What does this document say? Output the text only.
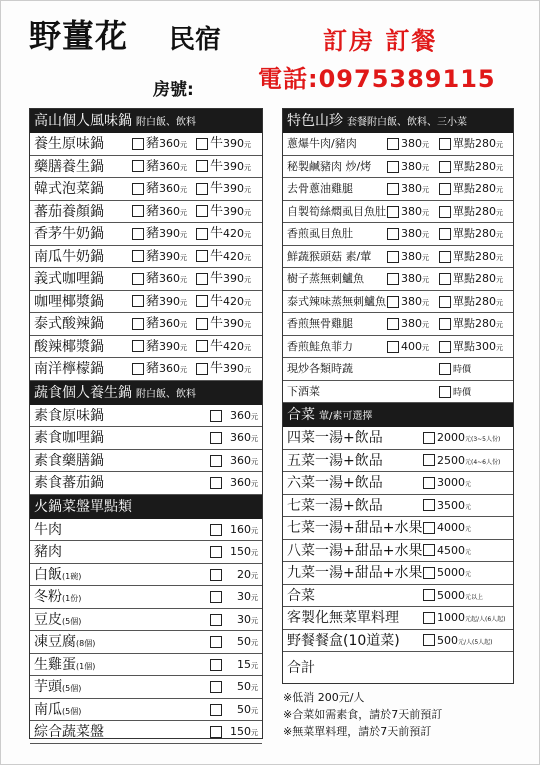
野薑花 民宿
房號:
訂房 訂餐
電話:0975389115
高山個人風味鍋 附白飯、飲料
養生原味鍋	豬360元	牛390元
藥膳養生鍋	豬360元	牛390元
韓式泡菜鍋	豬360元	牛390元
蕃茄養顏鍋	豬360元	牛390元
香茅牛奶鍋	豬390元	牛420元
南瓜牛奶鍋	豬390元	牛420元
義式咖哩鍋	豬360元	牛390元
咖哩椰漿鍋	豬390元	牛420元
泰式酸辣鍋	豬360元	牛390元
酸辣椰漿鍋	豬390元	牛420元
南洋檸檬鍋	豬360元	牛390元
蔬食個人養生鍋 附白飯、飲料
素食原味鍋	360元
素食咖哩鍋	360元
素食藥膳鍋	360元
素食蕃茄鍋	360元
火鍋菜盤單點類
牛肉	160元
豬肉	150元
白飯(1碗)	20元
冬粉(1份)	30元
豆皮(5個)	30元
凍豆腐(8個)	50元
生雞蛋(1個)	15元
芋頭(5個)	50元
南瓜(5個)	50元
綜合蔬菜盤	150元
特色山珍 套餐附白飯、飲料、三小菜
蔥爆牛肉/豬肉	380元	單點280元
秘製鹹豬肉 炒/烤	380元	單點280元
去骨蔥油雞腿	380元	單點280元
自製筍絲燜虱目魚肚	380元	單點280元
香煎虱目魚肚	380元	單點280元
鮮蔬猴頭菇 素/葷	380元	單點280元
樹子蒸無刺鱸魚	380元	單點280元
泰式辣味蒸無刺鱸魚	380元	單點280元
香煎無骨雞腿	380元	單點280元
香煎鮭魚菲力	400元	單點300元
現炒各類時蔬	時價
下酒菜	時價
合菜 葷/素可選擇
四菜一湯+飲品	2000元(3~5人份)
五菜一湯+飲品	2500元(4~6人份)
六菜一湯+飲品	3000元
七菜一湯+飲品	3500元
七菜一湯+甜品+水果	4000元
八菜一湯+甜品+水果	4500元
九菜一湯+甜品+水果	5000元
合菜	5000元以上
客製化無菜單料理	1000元起/人(6人起)
野餐餐盒(10道菜)	500元/人(5人起)
合計
※低消 200元/人
※合菜如需素食，請於7天前預訂
※無菜單料理，請於7天前預訂
